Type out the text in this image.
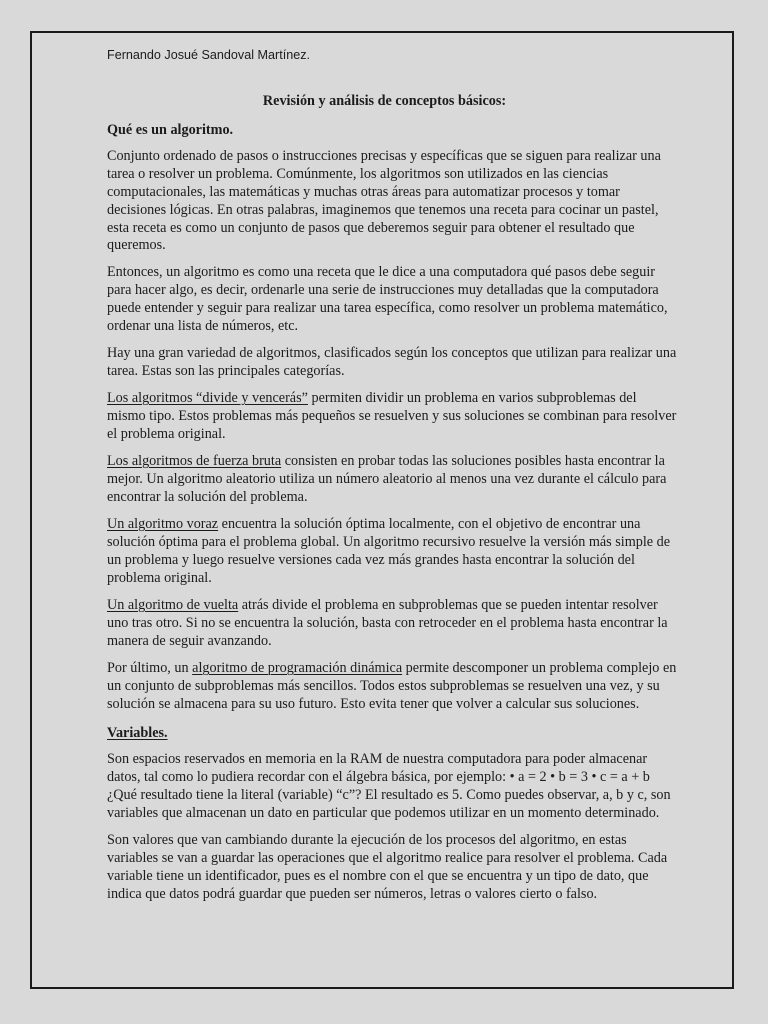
Fernando Josué Sandoval Martínez.
Revisión y análisis de conceptos básicos:
Qué es un algoritmo.
Conjunto ordenado de pasos o instrucciones precisas y específicas que se siguen para realizar una
tarea o resolver un problema. Comúnmente, los algoritmos son utilizados en las ciencias
computacionales, las matemáticas y muchas otras áreas para automatizar procesos y tomar
decisiones lógicas. En otras palabras, imaginemos que tenemos una receta para cocinar un pastel,
esta receta es como un conjunto de pasos que deberemos seguir para obtener el resultado que
queremos.
Entonces, un algoritmo es como una receta que le dice a una computadora qué pasos debe seguir
para hacer algo, es decir, ordenarle una serie de instrucciones muy detalladas que la computadora
puede entender y seguir para realizar una tarea específica, como resolver un problema matemático,
ordenar una lista de números, etc.
Hay una gran variedad de algoritmos, clasificados según los conceptos que utilizan para realizar una
tarea. Estas son las principales categorías.
Los algoritmos “divide y vencerás” permiten dividir un problema en varios subproblemas del
mismo tipo. Estos problemas más pequeños se resuelven y sus soluciones se combinan para resolver
el problema original.
Los algoritmos de fuerza bruta consisten en probar todas las soluciones posibles hasta encontrar la
mejor. Un algoritmo aleatorio utiliza un número aleatorio al menos una vez durante el cálculo para
encontrar la solución del problema.
Un algoritmo voraz encuentra la solución óptima localmente, con el objetivo de encontrar una
solución óptima para el problema global. Un algoritmo recursivo resuelve la versión más simple de
un problema y luego resuelve versiones cada vez más grandes hasta encontrar la solución del
problema original.
Un algoritmo de vuelta atrás divide el problema en subproblemas que se pueden intentar resolver
uno tras otro. Si no se encuentra la solución, basta con retroceder en el problema hasta encontrar la
manera de seguir avanzando.
Por último, un algoritmo de programación dinámica permite descomponer un problema complejo en
un conjunto de subproblemas más sencillos. Todos estos subproblemas se resuelven una vez, y su
solución se almacena para su uso futuro. Esto evita tener que volver a calcular sus soluciones.
Variables.
Son espacios reservados en memoria en la RAM de nuestra computadora para poder almacenar
datos, tal como lo pudiera recordar con el álgebra básica, por ejemplo: • a = 2 • b = 3 • c = a + b
¿Qué resultado tiene la literal (variable) “c”? El resultado es 5. Como puedes observar, a, b y c, son
variables que almacenan un dato en particular que podemos utilizar en un momento determinado.
Son valores que van cambiando durante la ejecución de los procesos del algoritmo, en estas
variables se van a guardar las operaciones que el algoritmo realice para resolver el problema. Cada
variable tiene un identificador, pues es el nombre con el que se encuentra y un tipo de dato, que
indica que datos podrá guardar que pueden ser números, letras o valores cierto o falso.
